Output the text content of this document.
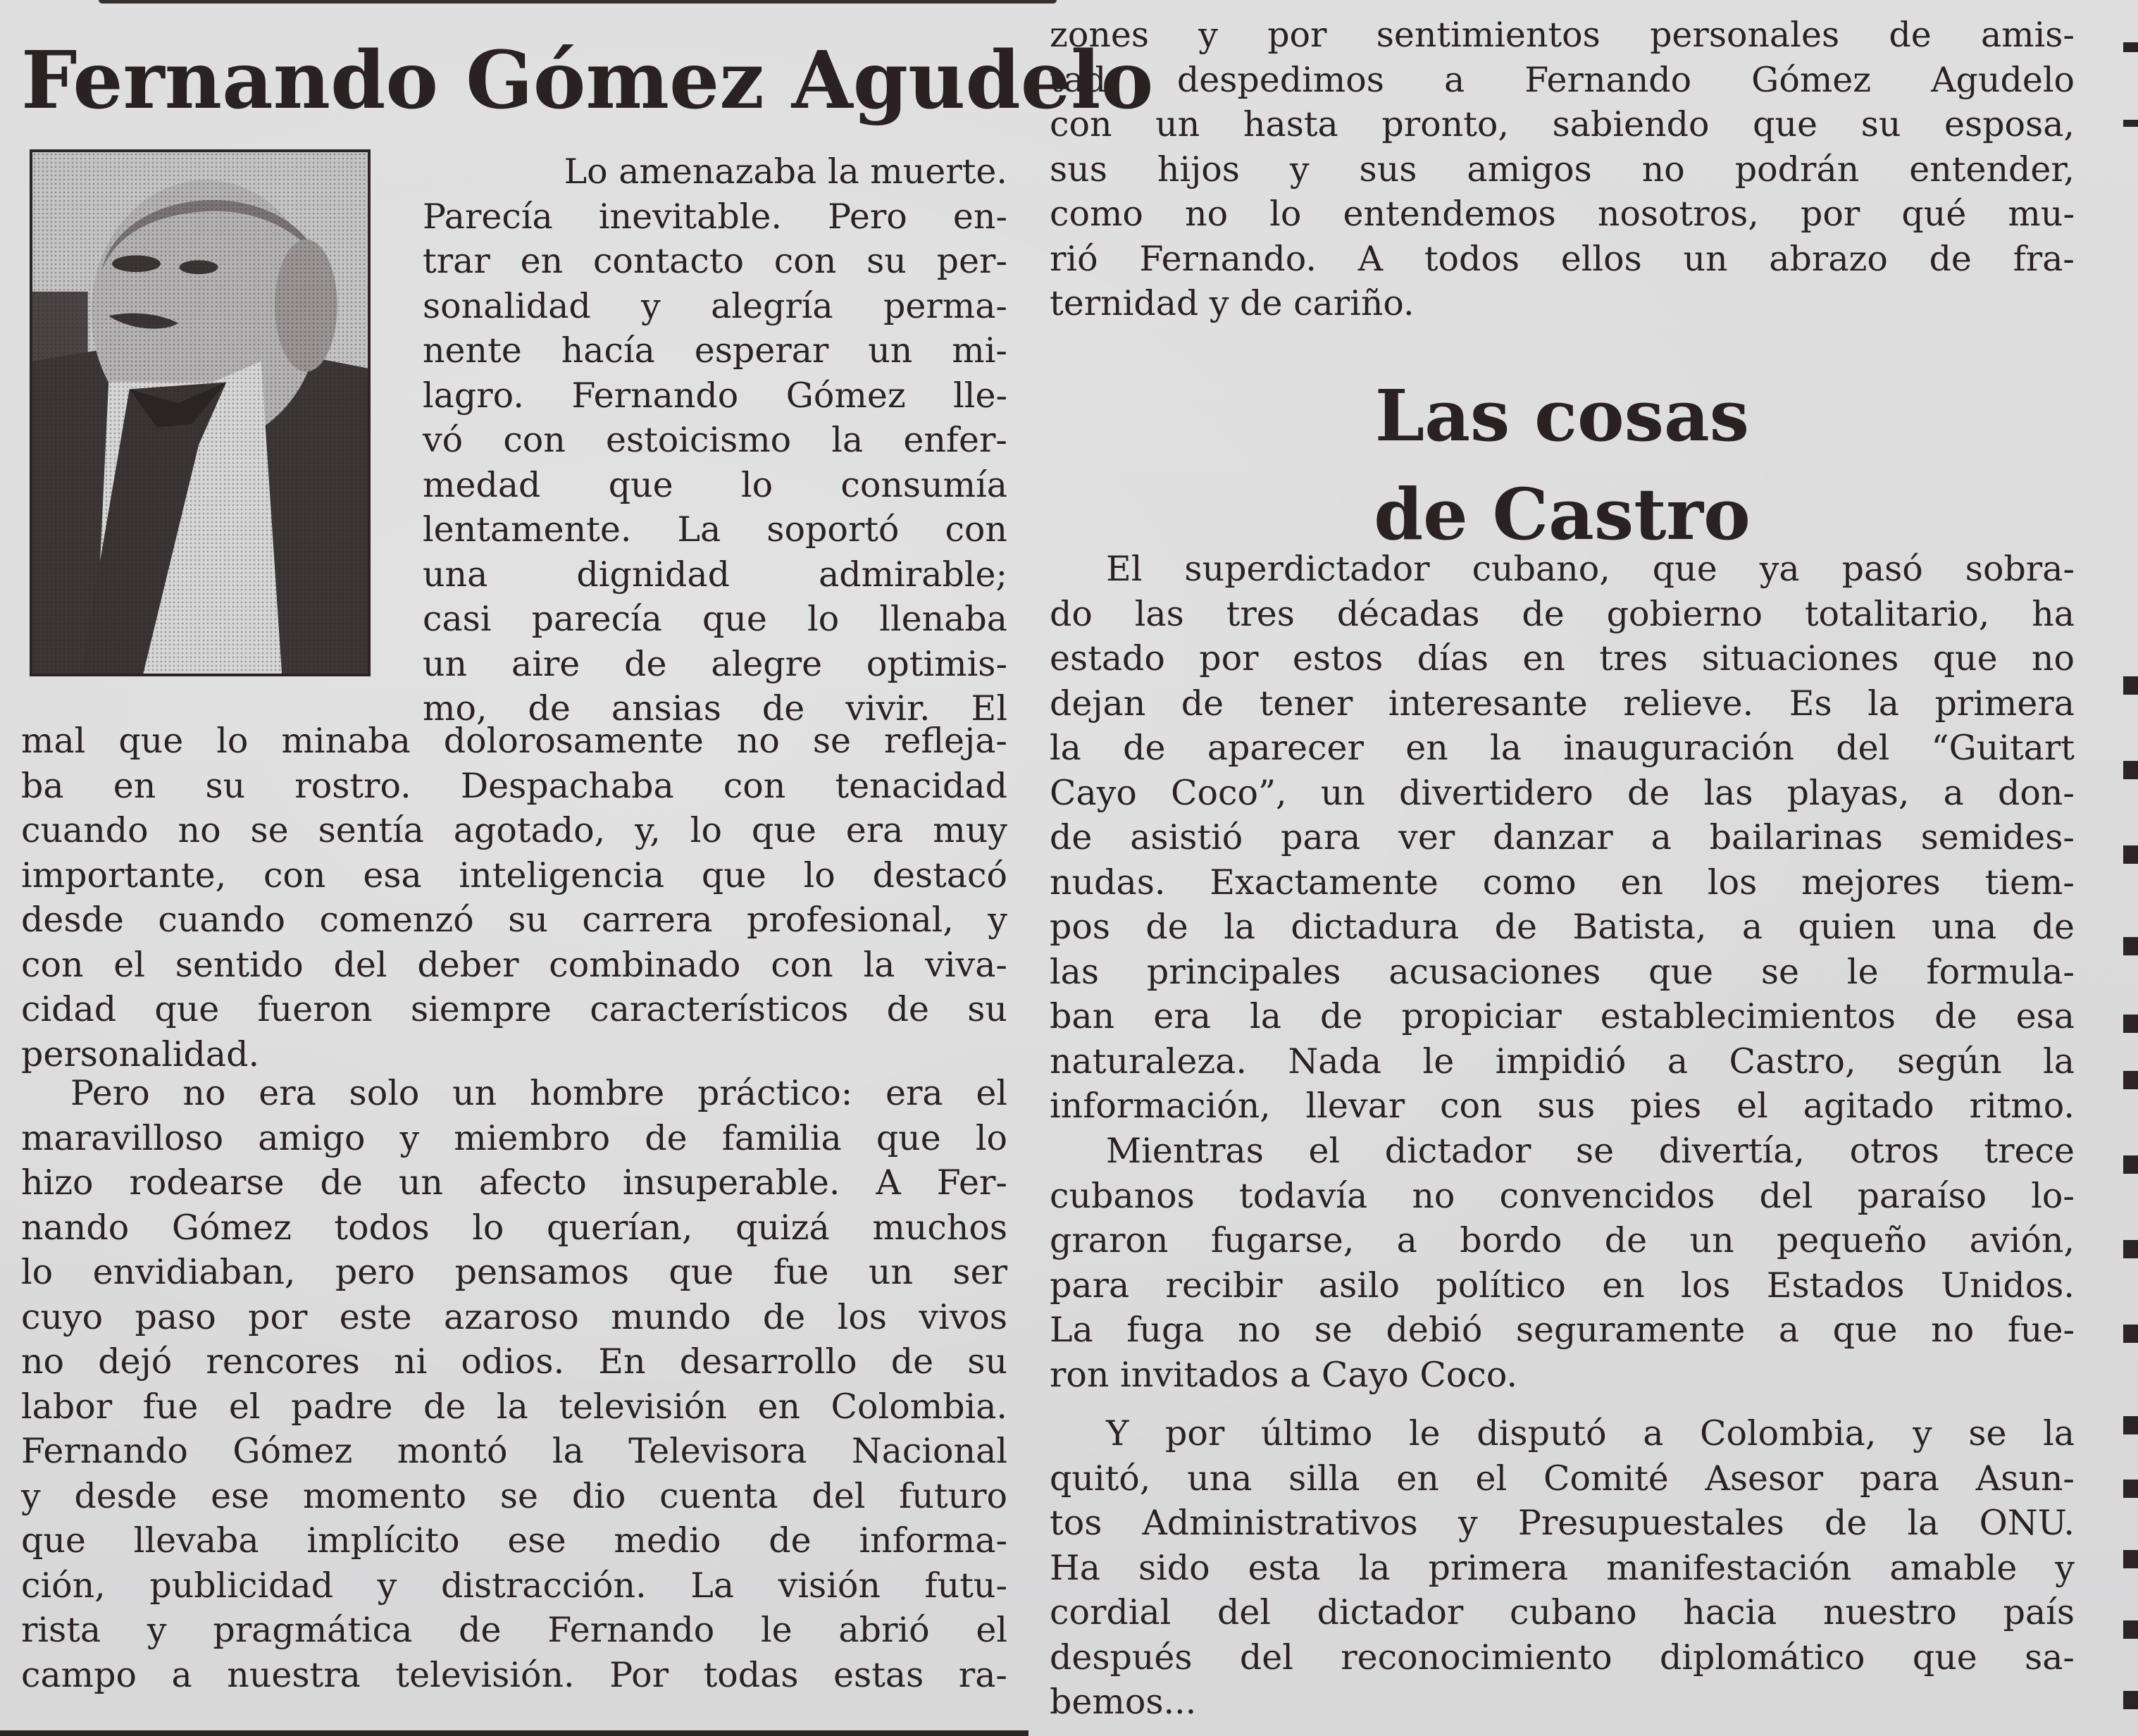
Fernando Gómez Agudelo
Lo amenazaba la muerte.
Parecía inevitable. Pero en-
trar en contacto con su per-
sonalidad y alegría perma-
nente hacía esperar un mi-
lagro. Fernando Gómez lle-
vó con estoicismo la enfer-
medad que lo consumía
lentamente. La soportó con
una dignidad admirable;
casi parecía que lo llenaba
un aire de alegre optimis-
mo, de ansias de vivir. El
mal que lo minaba dolorosamente no se refleja-
ba en su rostro. Despachaba con tenacidad
cuando no se sentía agotado, y, lo que era muy
importante, con esa inteligencia que lo destacó
desde cuando comenzó su carrera profesional, y
con el sentido del deber combinado con la viva-
cidad que fueron siempre característicos de su
personalidad.
Pero no era solo un hombre práctico: era el
maravilloso amigo y miembro de familia que lo
hizo rodearse de un afecto insuperable. A Fer-
nando Gómez todos lo querían, quizá muchos
lo envidiaban, pero pensamos que fue un ser
cuyo paso por este azaroso mundo de los vivos
no dejó rencores ni odios. En desarrollo de su
labor fue el padre de la televisión en Colombia.
Fernando Gómez montó la Televisora Nacional
y desde ese momento se dio cuenta del futuro
que llevaba implícito ese medio de informa-
ción, publicidad y distracción. La visión futu-
rista y pragmática de Fernando le abrió el
campo a nuestra televisión. Por todas estas ra-
zones y por sentimientos personales de amis-
tad, despedimos a Fernando Gómez Agudelo
con un hasta pronto, sabiendo que su esposa,
sus hijos y sus amigos no podrán entender,
como no lo entendemos nosotros, por qué mu-
rió Fernando. A todos ellos un abrazo de fra-
ternidad y de cariño.
Las cosas
de Castro
El superdictador cubano, que ya pasó sobra-
do las tres décadas de gobierno totalitario, ha
estado por estos días en tres situaciones que no
dejan de tener interesante relieve. Es la primera
la de aparecer en la inauguración del “Guitart
Cayo Coco”, un divertidero de las playas, a don-
de asistió para ver danzar a bailarinas semides-
nudas. Exactamente como en los mejores tiem-
pos de la dictadura de Batista, a quien una de
las principales acusaciones que se le formula-
ban era la de propiciar establecimientos de esa
naturaleza. Nada le impidió a Castro, según la
información, llevar con sus pies el agitado ritmo.
Mientras el dictador se divertía, otros trece
cubanos todavía no convencidos del paraíso lo-
graron fugarse, a bordo de un pequeño avión,
para recibir asilo político en los Estados Unidos.
La fuga no se debió seguramente a que no fue-
ron invitados a Cayo Coco.
Y por último le disputó a Colombia, y se la
quitó, una silla en el Comité Asesor para Asun-
tos Administrativos y Presupuestales de la ONU.
Ha sido esta la primera manifestación amable y
cordial del dictador cubano hacia nuestro país
después del reconocimiento diplomático que sa-
bemos...
